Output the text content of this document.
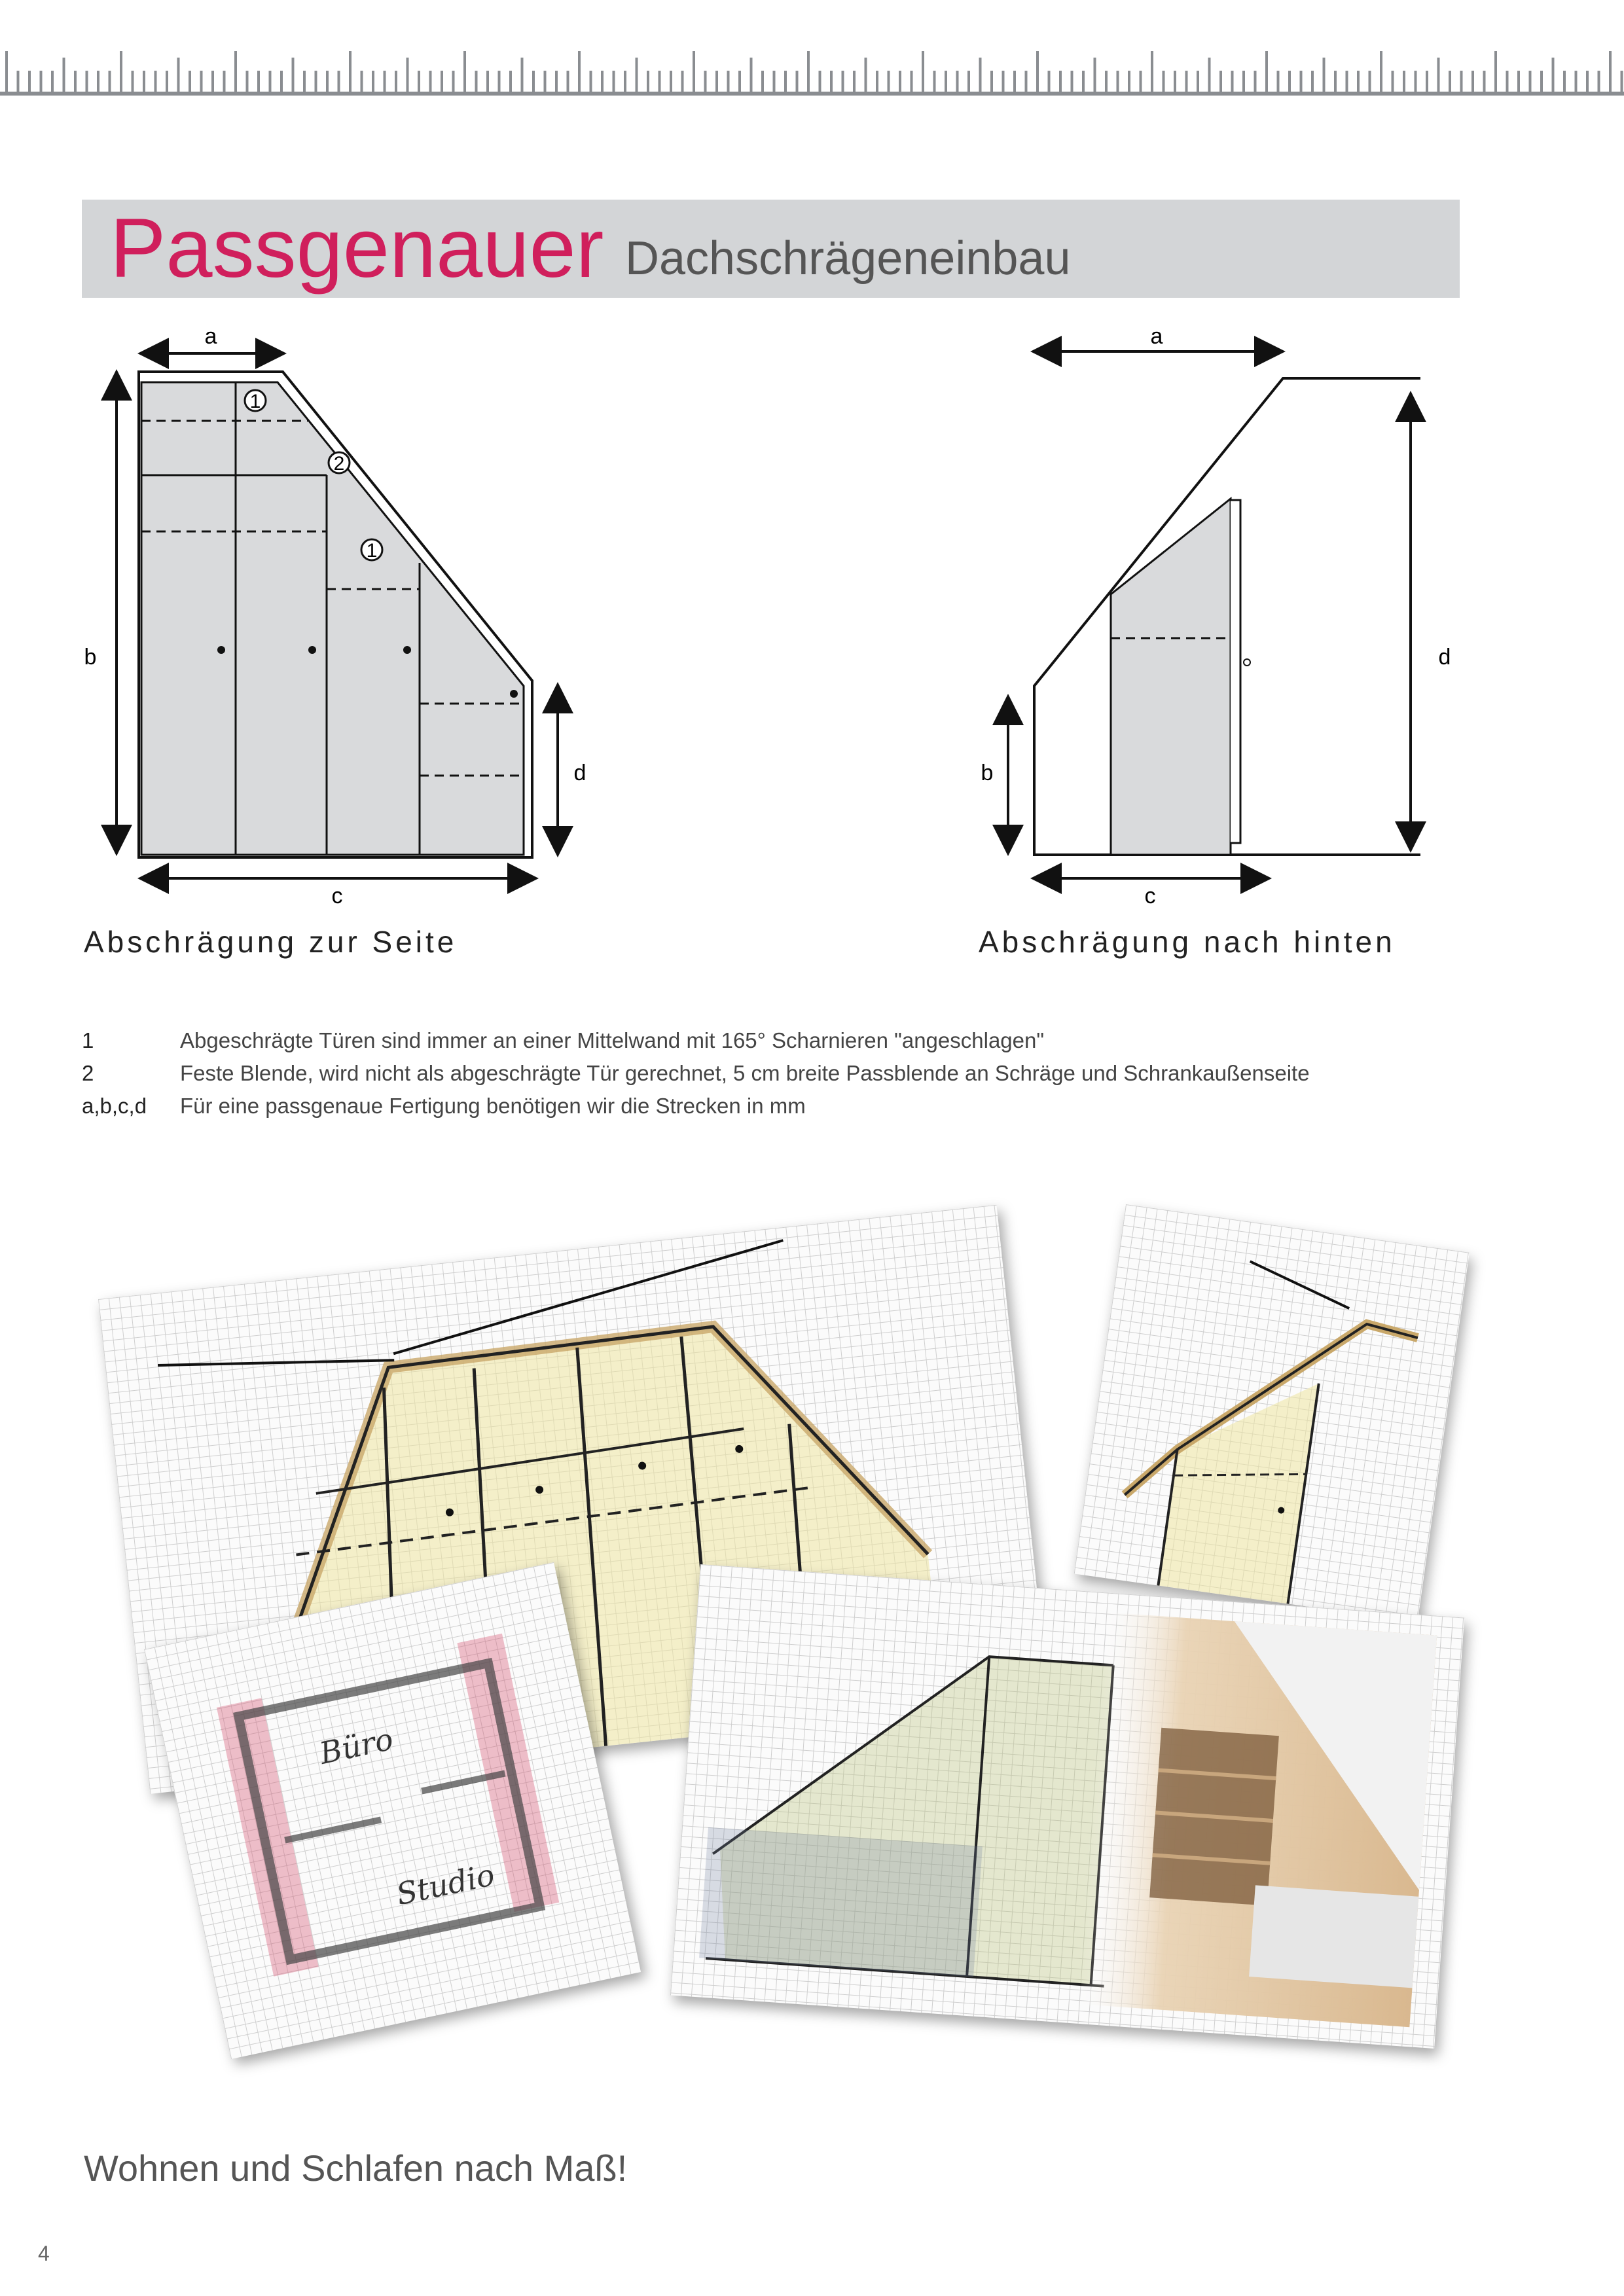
Passgenauer Dachschrägeneinbau
1
2
1
a
b
c
d
Abschrägung zur Seite
a
b
c
d
Abschrägung nach hinten
1	Abgeschrägte Türen sind immer an einer Mittelwand mit 165° Scharnieren "angeschlagen"
2	Feste Blende, wird nicht als abgeschrägte Tür gerechnet, 5 cm breite Passblende an Schräge und Schrankaußenseite
a,b,c,d	Für eine passgenaue Fertigung benötigen wir die Strecken in mm
Büro
Studio
Wohnen und Schlafen nach Maß!
4
